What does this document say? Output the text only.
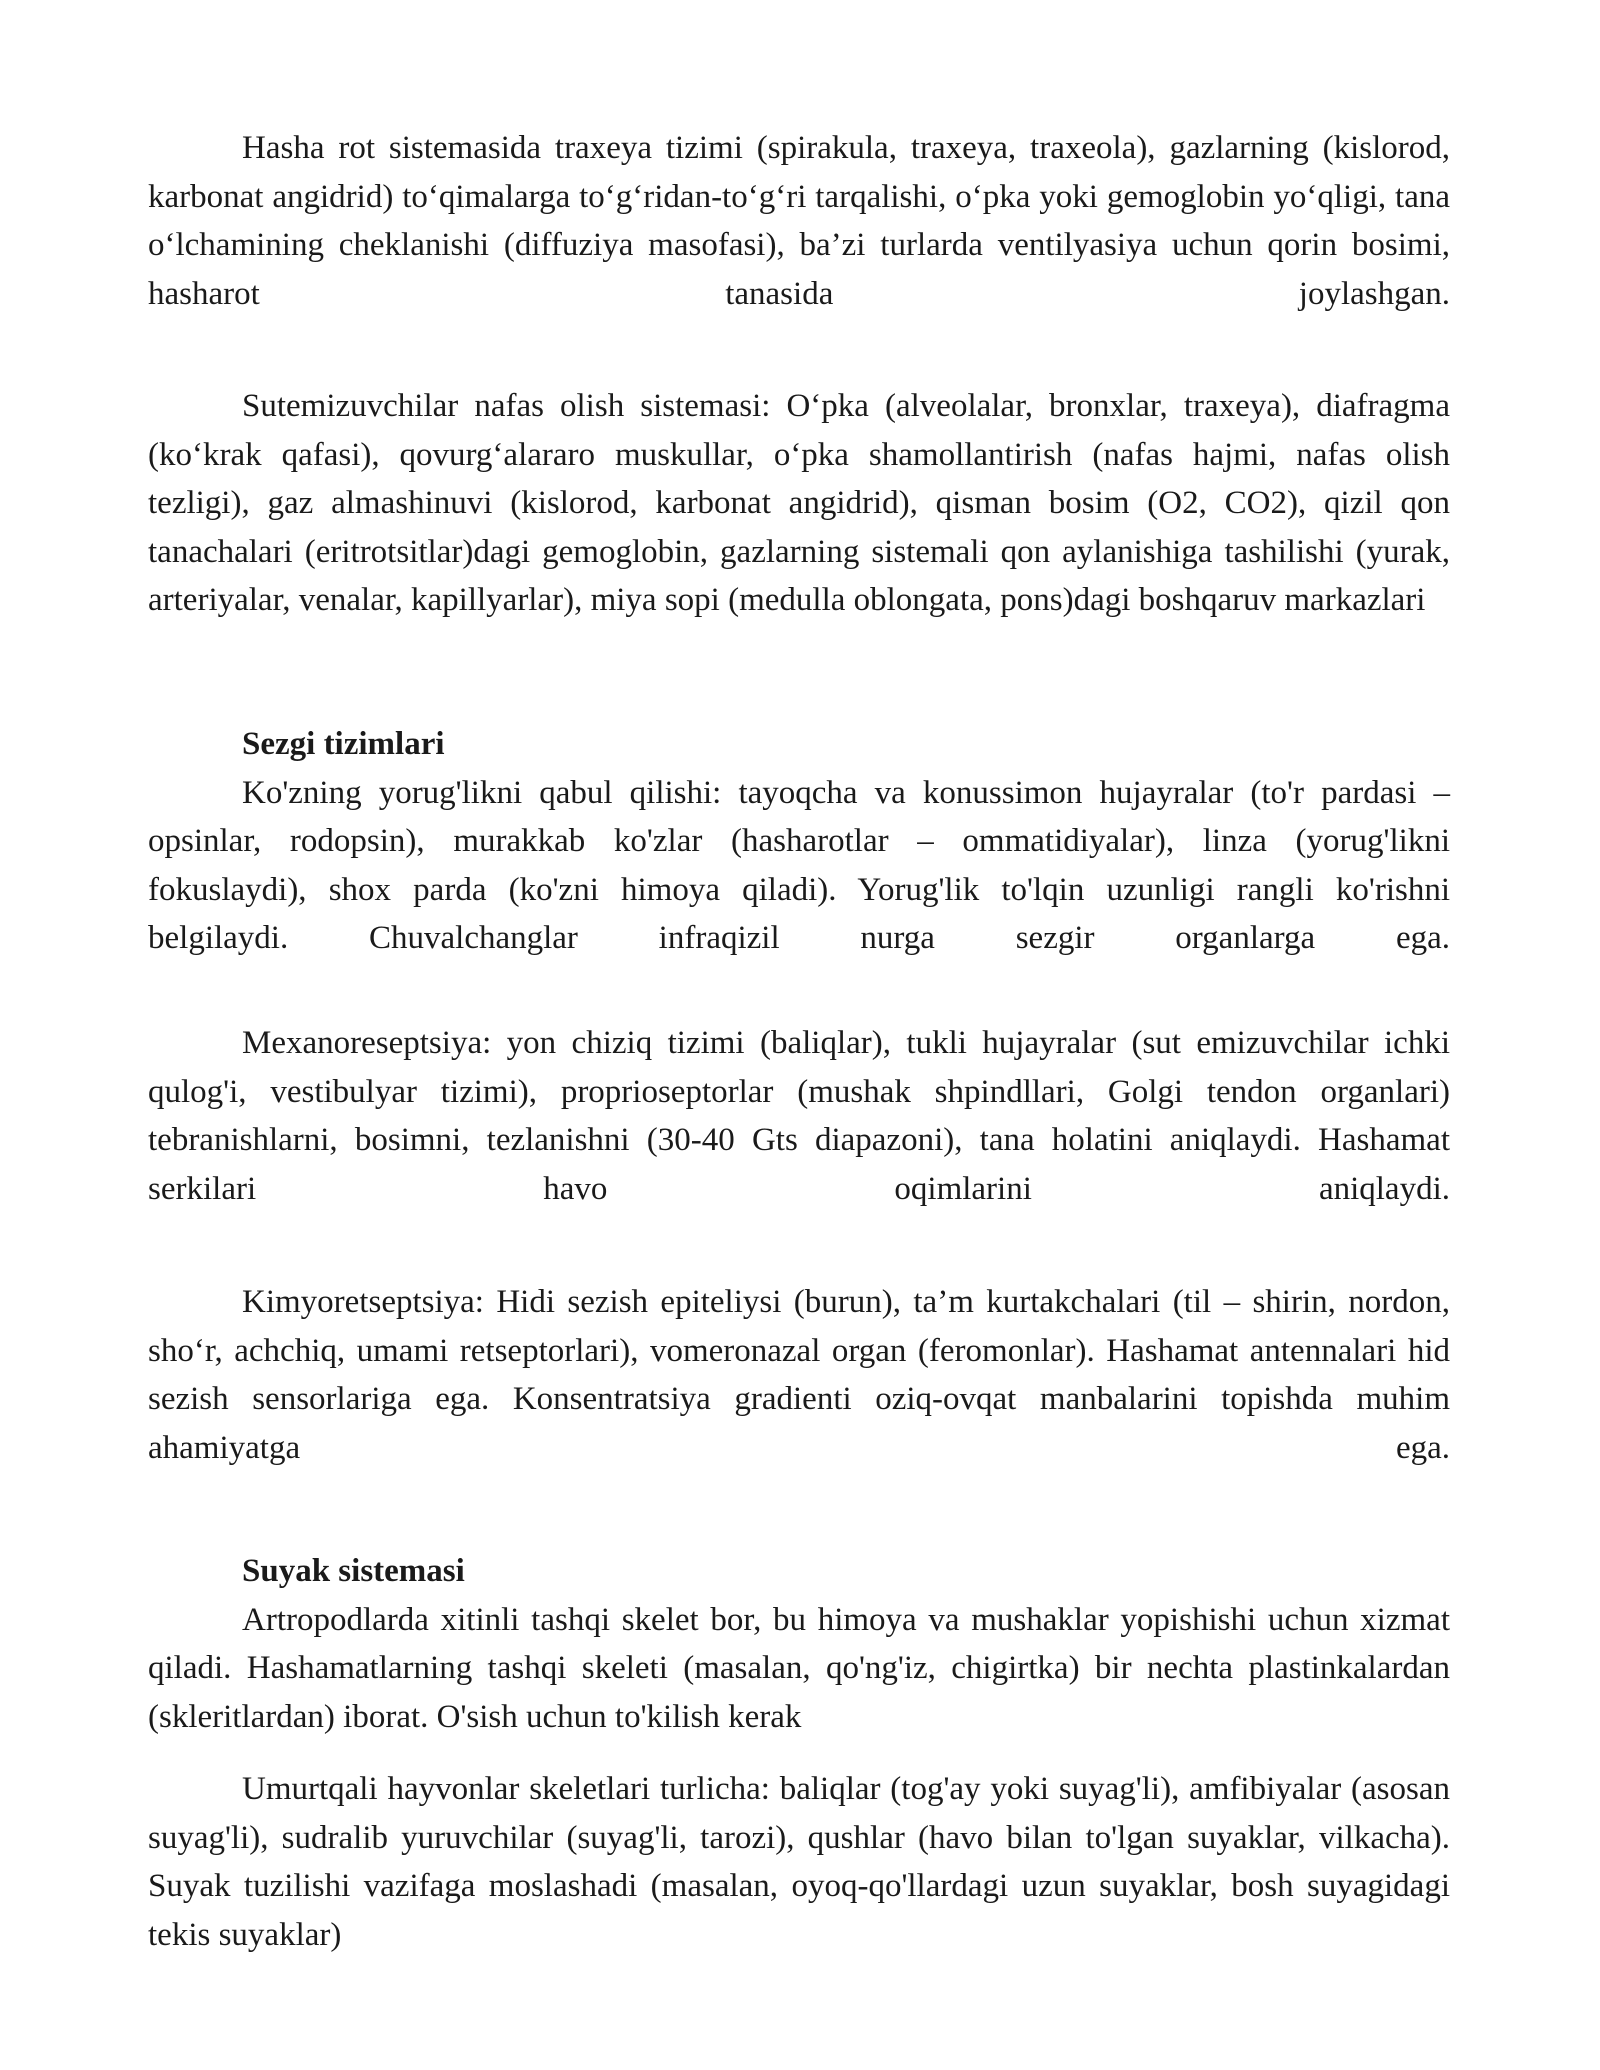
Hasha rot sistemasida traxeya tizimi (spirakula, traxeya, traxeola), gazlarning (kislorod, karbonat angidrid) to‘qimalarga to‘g‘ridan-to‘g‘ri tarqalishi, o‘pka yoki gemoglobin yo‘qligi, tana o‘lchamining cheklanishi (diffuziya masofasi), ba’zi turlarda ventilyasiya uchun qorin bosimi, hasharot tanasida joylashgan.

Sutemizuvchilar nafas olish sistemasi: O‘pka (alveolalar, bronxlar, traxeya), diafragma (ko‘krak qafasi), qovurg‘alararo muskullar, o‘pka shamollantirish (nafas hajmi, nafas olish tezligi), gaz almashinuvi (kislorod, karbonat angidrid), qisman bosim (O2, CO2), qizil qon tanachalari (eritrotsitlar)dagi gemoglobin, gazlarning sistemali qon aylanishiga tashilishi (yurak, arteriyalar, venalar, kapillyarlar), miya sopi (medulla oblongata, pons)dagi boshqaruv markazlari

Sezgi tizimlari

Ko'zning yorug'likni qabul qilishi: tayoqcha va konussimon hujayralar (to'r pardasi – opsinlar, rodopsin), murakkab ko'zlar (hasharotlar – ommatidiyalar), linza (yorug'likni fokuslaydi), shox parda (ko'zni himoya qiladi). Yorug'lik to'lqin uzunligi rangli ko'rishni belgilaydi. Chuvalchanglar infraqizil nurga sezgir organlarga ega.

Mexanoreseptsiya: yon chiziq tizimi (baliqlar), tukli hujayralar (sut emizuvchilar ichki qulog'i, vestibulyar tizimi), proprioseptorlar (mushak shpindllari, Golgi tendon organlari) tebranishlarni, bosimni, tezlanishni (30-40 Gts diapazoni), tana holatini aniqlaydi. Hashamat serkilari havo oqimlarini aniqlaydi.

Kimyoretseptsiya: Hidi sezish epiteliysi (burun), ta’m kurtakchalari (til – shirin, nordon, sho‘r, achchiq, umami retseptorlari), vomeronazal organ (feromonlar). Hashamat antennalari hid sezish sensorlariga ega. Konsentratsiya gradienti oziq-ovqat manbalarini topishda muhim ahamiyatga ega.

Suyak sistemasi

Artropodlarda xitinli tashqi skelet bor, bu himoya va mushaklar yopishishi uchun xizmat qiladi. Hashamatlarning tashqi skeleti (masalan, qo'ng'iz, chigirtka) bir nechta plastinkalardan (skleritlardan) iborat. O'sish uchun to'kilish kerak

Umurtqali hayvonlar skeletlari turlicha: baliqlar (tog'ay yoki suyag'li), amfibiyalar (asosan suyag'li), sudralib yuruvchilar (suyag'li, tarozi), qushlar (havo bilan to'lgan suyaklar, vilkacha). Suyak tuzilishi vazifaga moslashadi (masalan, oyoq-qo'llardagi uzun suyaklar, bosh suyagidagi tekis suyaklar)
